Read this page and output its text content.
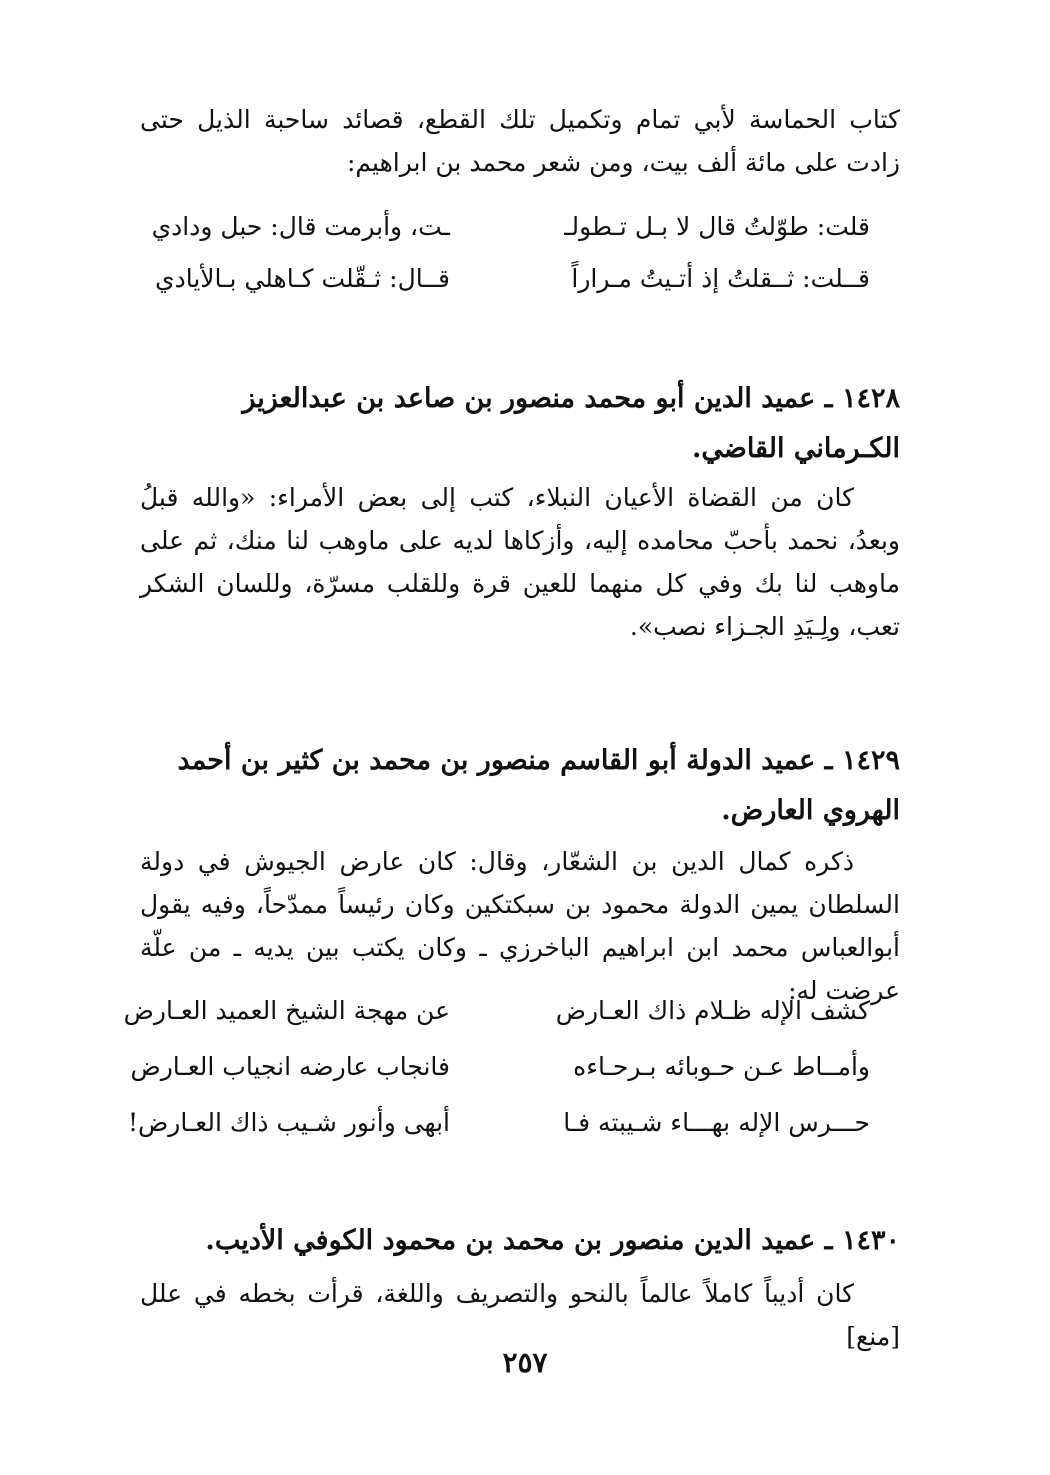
كتاب الحماسة لأبي تمام وتكميل تلك القطع، قصائد ساحبة الذيل حتى زادت على مائة ألف بيت، ومن شعر محمد بن ابراهيم:
قلت: طوّلتُ قال لا بـل تـطولـ
ـت، وأبرمت قال: حبل ودادي
قــلت: ثــقلتُ إذ أتـيتُ مـراراً
قــال: ثـقّلت كـاهلي بـالأيادي
١٤٢٨ ـ عميد الدين أبو محمد منصور بن صاعد بن عبدالعزيز الكـرماني القاضي.
كان من القضاة الأعيان النبلاء، كتب إلى بعض الأمراء: «والله قبلُ وبعدُ، نحمد بأحبّ محامده إليه، وأزكاها لديه على ماوهب لنا منك، ثم على ماوهب لنا بك وفي كل منهما للعين قرة وللقلب مسرّة، وللسان الشكر تعب، ولِـيَدِ الجـزاء نصب».
١٤٢٩ ـ عميد الدولة أبو القاسم منصور بن محمد بن كثير بن أحمد الهروي العارض.
ذكره كمال الدين بن الشعّار، وقال: كان عارض الجيوش في دولة السلطان يمين الدولة محمود بن سبكتكين وكان رئيساً ممدّحاً، وفيه يقول أبوالعباس محمد ابن ابراهيم الباخرزي ـ وكان يكتب بين يديه ـ من علّة عرضت له:
كشف الإله ظـلام ذاك العـارض
عن مهجة الشيخ العميد العـارض
وأمــاط عـن حـوبائه بـرحـاءه
فانجاب عارضه انجياب العـارض
حـــرس الإله بهـــاء شـيبته فـا
أبهى وأنور شـيب ذاك العـارض!
١٤٣٠ ـ عميد الدين منصور بن محمد بن محمود الكوفي الأديب.
كان أديباً كاملاً عالماً بالنحو والتصريف واللغة، قرأت بخطه في علل [منع]
٢٥٧
